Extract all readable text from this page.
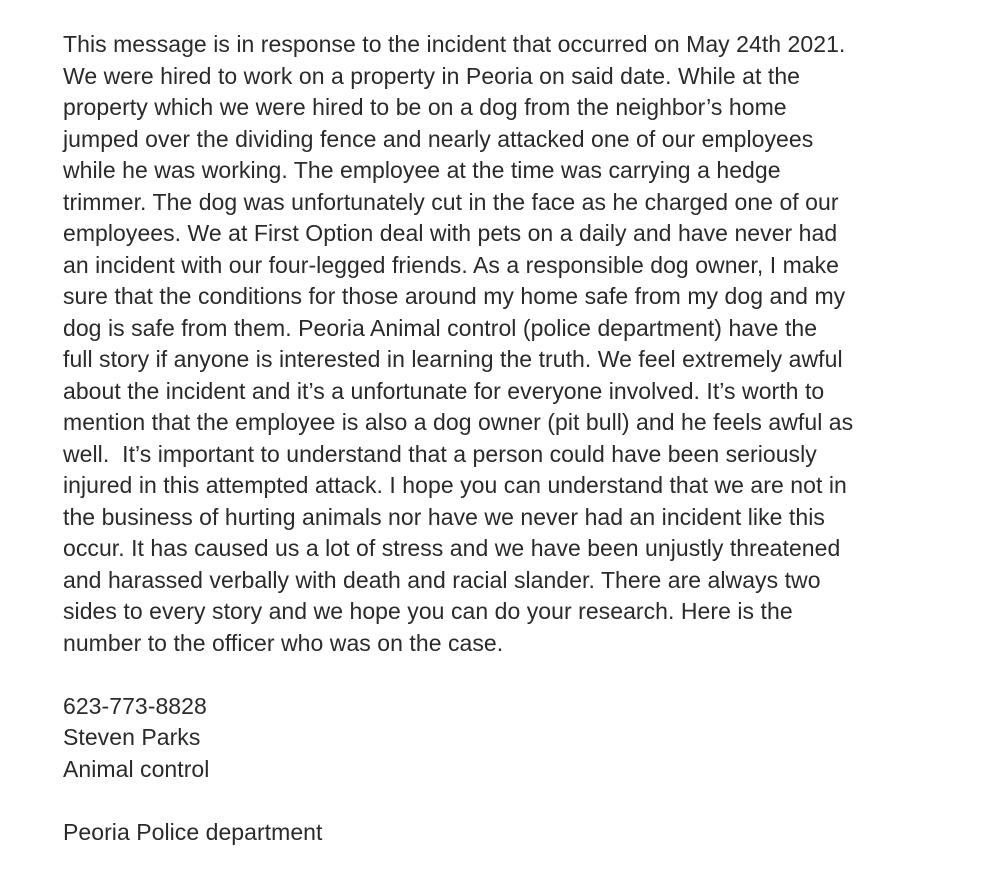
This message is in response to the incident that occurred on May 24th 2021.
We were hired to work on a property in Peoria on said date. While at the
property which we were hired to be on a dog from the neighbor’s home
jumped over the dividing fence and nearly attacked one of our employees
while he was working. The employee at the time was carrying a hedge
trimmer. The dog was unfortunately cut in the face as he charged one of our
employees. We at First Option deal with pets on a daily and have never had
an incident with our four-legged friends. As a responsible dog owner, I make
sure that the conditions for those around my home safe from my dog and my
dog is safe from them. Peoria Animal control (police department) have the
full story if anyone is interested in learning the truth. We feel extremely awful
about the incident and it’s a unfortunate for everyone involved. It’s worth to
mention that the employee is also a dog owner (pit bull) and he feels awful as
well.  It’s important to understand that a person could have been seriously
injured in this attempted attack. I hope you can understand that we are not in
the business of hurting animals nor have we never had an incident like this
occur. It has caused us a lot of stress and we have been unjustly threatened
and harassed verbally with death and racial slander. There are always two
sides to every story and we hope you can do your research. Here is the
number to the officer who was on the case.
623-773-8828
Steven Parks
Animal control
Peoria Police department
